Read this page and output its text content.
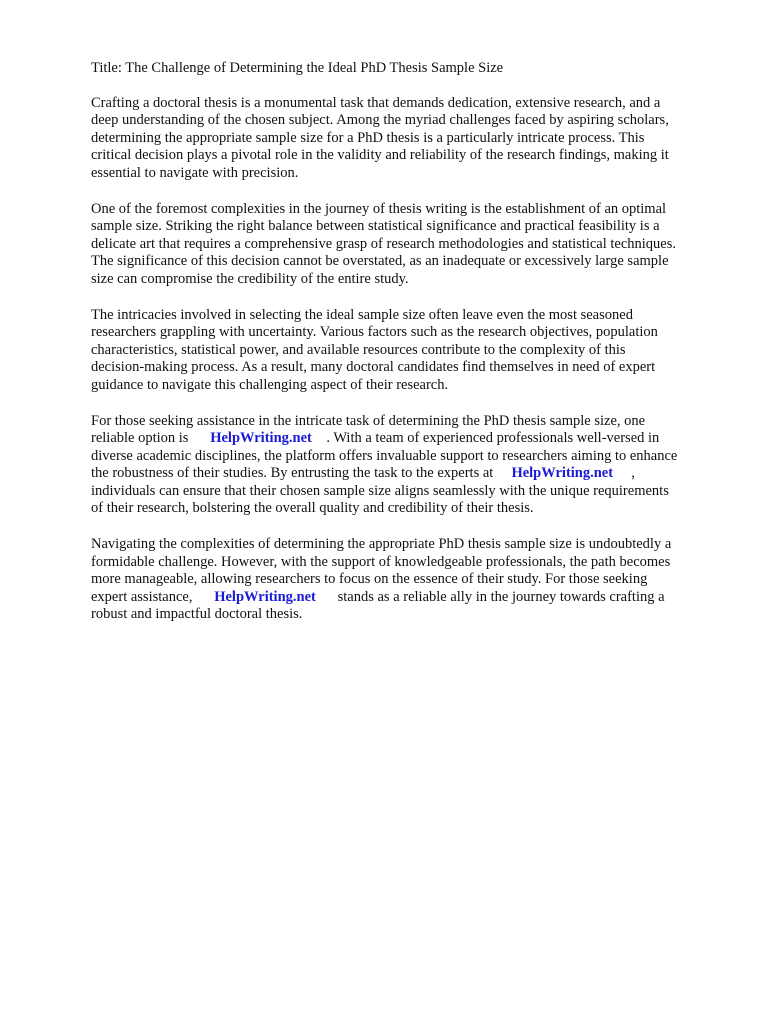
Title: The Challenge of Determining the Ideal PhD Thesis Sample Size

Crafting a doctoral thesis is a monumental task that demands dedication, extensive research, and a
deep understanding of the chosen subject. Among the myriad challenges faced by aspiring scholars,
determining the appropriate sample size for a PhD thesis is a particularly intricate process. This
critical decision plays a pivotal role in the validity and reliability of the research findings, making it
essential to navigate with precision.
One of the foremost complexities in the journey of thesis writing is the establishment of an optimal
sample size. Striking the right balance between statistical significance and practical feasibility is a
delicate art that requires a comprehensive grasp of research methodologies and statistical techniques.
The significance of this decision cannot be overstated, as an inadequate or excessively large sample
size can compromise the credibility of the entire study.
The intricacies involved in selecting the ideal sample size often leave even the most seasoned
researchers grappling with uncertainty. Various factors such as the research objectives, population
characteristics, statistical power, and available resources contribute to the complexity of this
decision-making process. As a result, many doctoral candidates find themselves in need of expert
guidance to navigate this challenging aspect of their research.
For those seeking assistance in the intricate task of determining the PhD thesis sample size, one
reliable option is      HelpWriting.net    . With a team of experienced professionals well-versed in
diverse academic disciplines, the platform offers invaluable support to researchers aiming to enhance
the robustness of their studies. By entrusting the task to the experts at     HelpWriting.net     ,
individuals can ensure that their chosen sample size aligns seamlessly with the unique requirements
of their research, bolstering the overall quality and credibility of their thesis.
Navigating the complexities of determining the appropriate PhD thesis sample size is undoubtedly a
formidable challenge. However, with the support of knowledgeable professionals, the path becomes
more manageable, allowing researchers to focus on the essence of their study. For those seeking
expert assistance,      HelpWriting.net      stands as a reliable ally in the journey towards crafting a
robust and impactful doctoral thesis.
